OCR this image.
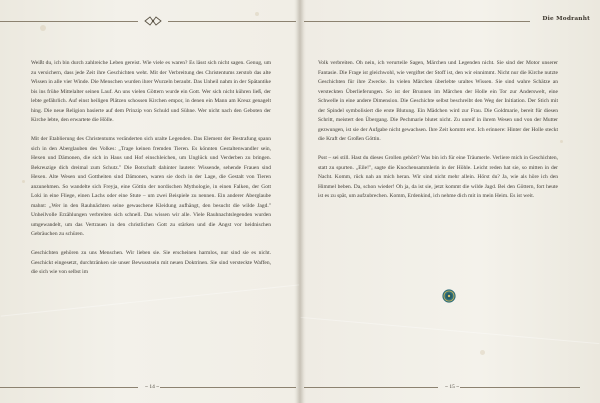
Weißt du, ich bin durch zahlreiche Leben gereist. Wie viele es waren? Es lässt sich nicht sagen. Genug, um zu versichern, dass jede Zeit ihre Geschichten weht. Mit der Verbreitung des Christentums zerstob das alte Wissen in alle vier Winde. Die Menschen wurden ihrer Wurzeln beraubt. Das Unheil nahm in der Spätantike bis ins frühe Mittelalter seinen Lauf. An uns vielen Göttern wurde ein Gott. Wer sich nicht kühren ließ, der lebte gefährlich. Auf einst heiligen Plätzen schossen Kirchen empor, in denen ein Mann am Kreuz genagelt hing. Die neue Religion basierte auf dem Prinzip von Schuld und Sühne. Wer nicht nach den Geboten der Kirche lebte, den erwartete die Hölle.

Mit der Etablierung des Christentums veränderten sich uralte Legenden. Das Element der Bestrafung spann sich in den Aberglauben des Volkes: „Trage keinen fremden Tieren. Es könnten Gestaltenwandler sein, Hexen und Dämonen, die sich in Haus und Hof einschleichen, um Unglück und Verderben zu bringen. Bekreuzige dich dreimal zum Schutz." Die Botschaft dahinter lautete: Wissende, sehende Frauen sind Hexen. Alte Wesen und Gottheiten sind Dämonen, waren sie doch in der Lage, die Gestalt von Tieren anzunehmen. So wandelte sich Freyja, eine Göttin der nordischen Mythologie, in einen Falken, der Gott Loki in eine Fliege, einen Lachs oder eine Stute – um zwei Beispiele zu nennen. Ein anderer Aberglaube mahnt: „Wer in den Rauhnächten seine gewaschene Kleidung aufhängt, den besucht die wilde Jagd." Unheilvolle Erzählungen verbreiten sich schnell. Das wissen wir alle. Viele Rauhnachtslegenden wurden umgewandelt, um das Vertrauen in den christlichen Gott zu stärken und die Angst vor heidnischen Gebräuchen zu schüren.

Geschichten gehören zu uns Menschen. Wir lieben sie. Sie erscheinen harmlos, nur sind sie es nicht. Geschickt eingesetzt, durchtränken sie unser Bewusstsein mit neuen Doktrinen. Sie sind versteckte Waffen, die sich wie von selbst im

~ 14 ~
Die Modranht

Volk verbreiten. Oh nein, ich verurteile Sagen, Märchen und Legenden nicht. Sie sind der Motor unserer Fantasie. Die Frage ist gleichwohl, wie vergiftet der Stoff ist, den wir einnimmt. Nicht nur die Kirche nutzte Geschichten für ihre Zwecke. In vielen Märchen überlebte uraltes Wissen. Sie sind wahre Schätze an versteckten Überlieferungen. So ist der Brunnen im Märchen der Holle ein Tor zur Anderswelt, eine Schwelle in eine andere Dimension. Die Geschichte selbst beschreibt den Weg der Initiation. Der Stich mit der Spindel symbolisiert die erste Blutung. Ein Mädchen wird zur Frau. Die Goldmarie, bereit für diesen Schritt, meistert den Übergang. Die Pechmarie blutet nicht. Zu unreif in ihrem Wesen und von der Mutter gezwungen, ist sie der Aufgabe nicht gewachsen. Ihre Zeit kommt erst. Ich erinnere: Hinter der Holle steckt die Kraft der Großen Göttin.

Psst – sei still. Hast du dieses Grollen gehört? Was bin ich für eine Träumerle. Verliere mich in Geschichten, statt zu spurten. „Eile!", sagte die Knochensammlerin in der Höhle. Leicht reden hat sie, so mitten in der Nacht. Komm, rück nah an mich heran. Wir sind nicht mehr allein. Hörst du? Ja, wie als höre ich den Himmel beben. Da, schon wieder! Oh ja, da ist sie, jetzt kommt die wilde Jagd. Bei den Göttern, fort heute ist es zu spät, um aufzubrechen. Komm, Erdenkind, ich nehme dich mit in mein Heim. Es ist weit.

~ 15 ~
